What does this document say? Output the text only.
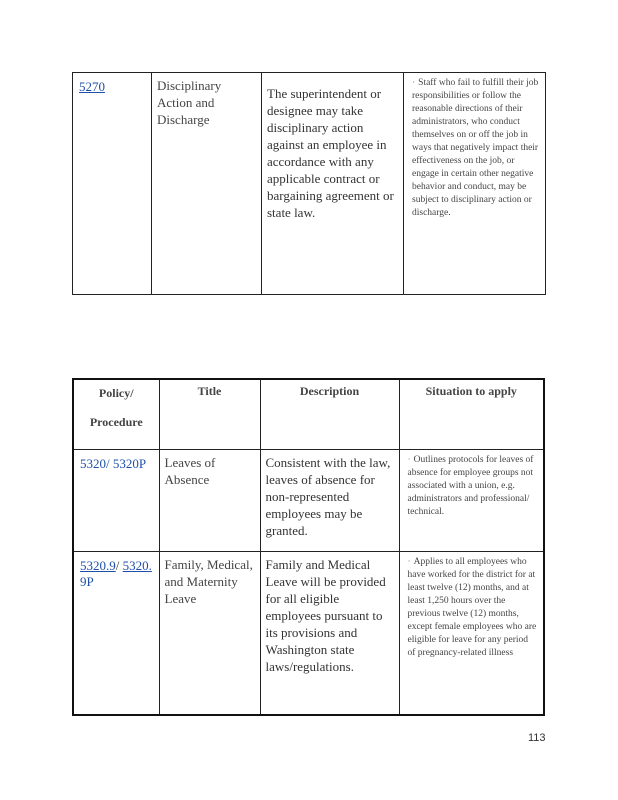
5270	Disciplinary Action and Discharge	The superintendent or designee may take disciplinary action against an employee in accordance with any applicable contract or bargaining agreement or state law.	· Staff who fail to fulfill their job responsibilities or follow the reasonable directions of their administrators, who conduct themselves on or off the job in ways that negatively impact their effectiveness on the job, or engage in certain other negative behavior and conduct, may be subject to disciplinary action or discharge.
Policy/
Procedure	Title	Description	Situation to apply
5320/ 5320P	Leaves of Absence	Consistent with the law, leaves of absence for non-represented employees may be granted.	· Outlines protocols for leaves of absence for employee groups not associated with a union, e.g. administrators and professional/ technical.
5320.9/ 5320.
9P	Family, Medical, and Maternity Leave	Family and Medical Leave will be provided for all eligible employees pursuant to its provisions and Washington state laws/regulations.	· Applies to all employees who have worked for the district for at least twelve (12) months, and at least 1,250 hours over the previous twelve (12) months, except female employees who are eligible for leave for any period of pregnancy-related illness
113
